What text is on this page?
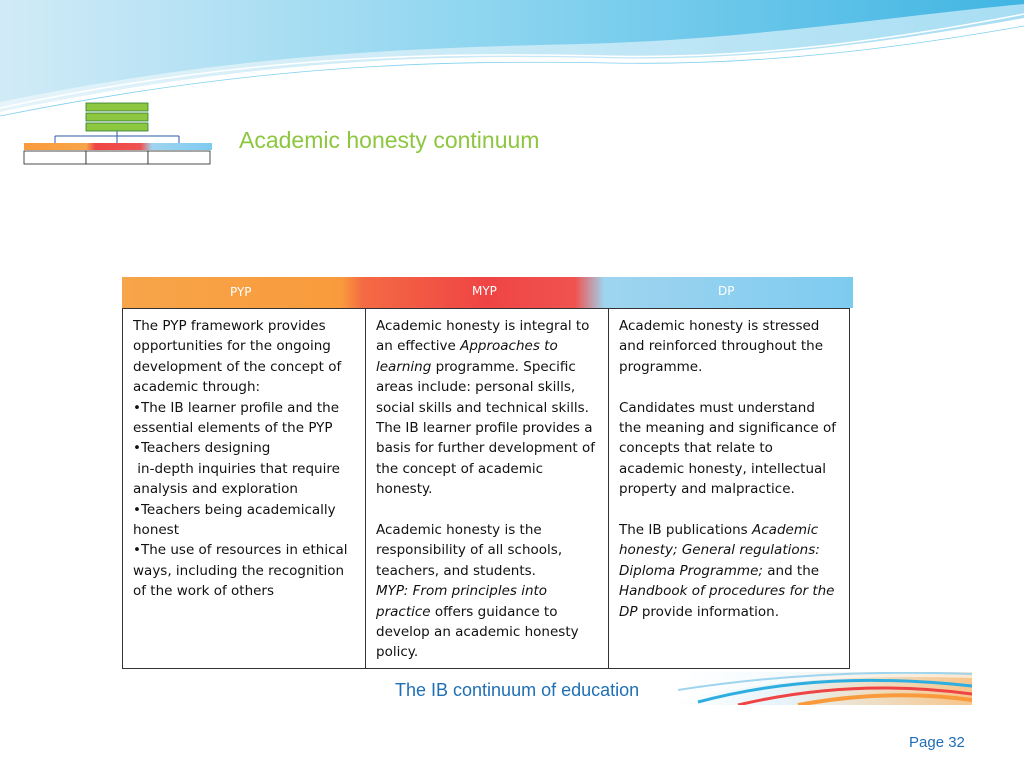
Academic honesty continuum
PYP	MYP	DP

The PYP framework provides opportunities for the ongoing development of the concept of academic through:

•The IB learner profile and the essential elements of the PYP

•Teachers designing

in-depth inquiries that require analysis and exploration

•Teachers being academically honest

•The use of resources in ethical ways, including the recognition of the work of others

Academic honesty is integral to an effective Approaches to learning programme. Specific areas include: personal skills, social skills and technical skills. The IB learner profile provides a basis for further development of the concept of academic honesty.

Academic honesty is the responsibility of all schools, teachers, and students.

MYP: From principles into practice offers guidance to develop an academic honesty policy.

Academic honesty is stressed and reinforced throughout the programme.

Candidates must understand the meaning and significance of concepts that relate to academic honesty, intellectual property and malpractice.

The IB publications Academic honesty; General regulations: Diploma Programme; and the Handbook of procedures for the DP provide information.

The IB continuum of education
Page 32
